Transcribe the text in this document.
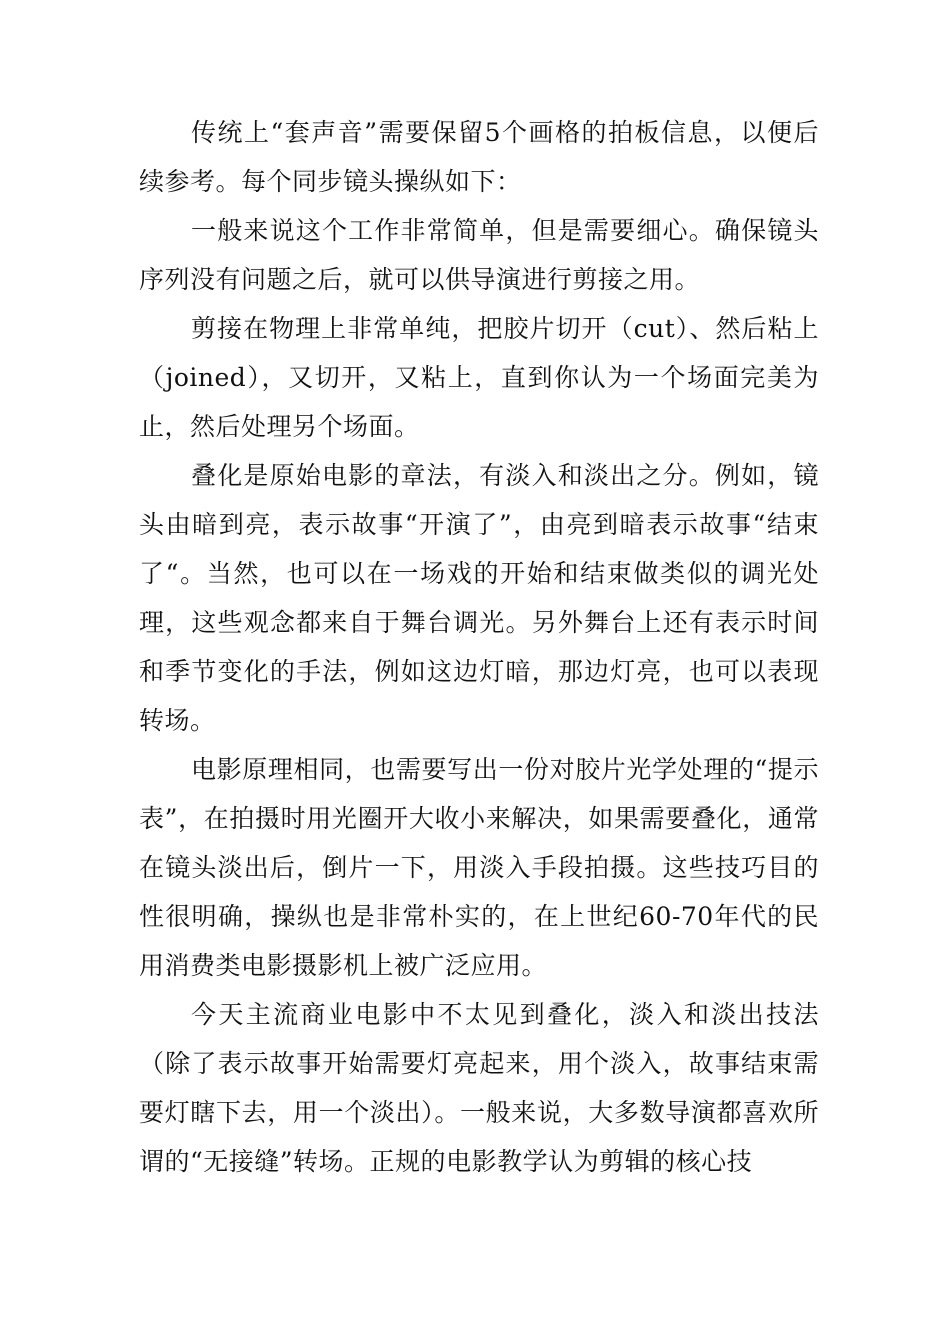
传统上“套声音”需要保留5个画格的拍板信息，以便后续参考。每个同步镜头操纵如下：

一般来说这个工作非常简单，但是需要细心。确保镜头序列没有问题之后，就可以供导演进行剪接之用。

剪接在物理上非常单纯，把胶片切开（cut）、然后粘上（joined），又切开，又粘上，直到你认为一个场面完美为止，然后处理另个场面。

叠化是原始电影的章法，有淡入和淡出之分。例如，镜头由暗到亮，表示故事“开演了”，由亮到暗表示故事“结束了“。当然，也可以在一场戏的开始和结束做类似的调光处理，这些观念都来自于舞台调光。另外舞台上还有表示时间和季节变化的手法，例如这边灯暗，那边灯亮，也可以表现转场。

电影原理相同，也需要写出一份对胶片光学处理的“提示表”，在拍摄时用光圈开大收小来解决，如果需要叠化，通常在镜头淡出后，倒片一下，用淡入手段拍摄。这些技巧目的性很明确，操纵也是非常朴实的，在上世纪60-70年代的民用消费类电影摄影机上被广泛应用。

今天主流商业电影中不太见到叠化，淡入和淡出技法（除了表示故事开始需要灯亮起来，用个淡入，故事结束需要灯瞎下去，用一个淡出）。一般来说，大多数导演都喜欢所谓的“无接缝”转场。正规的电影教学认为剪辑的核心技
